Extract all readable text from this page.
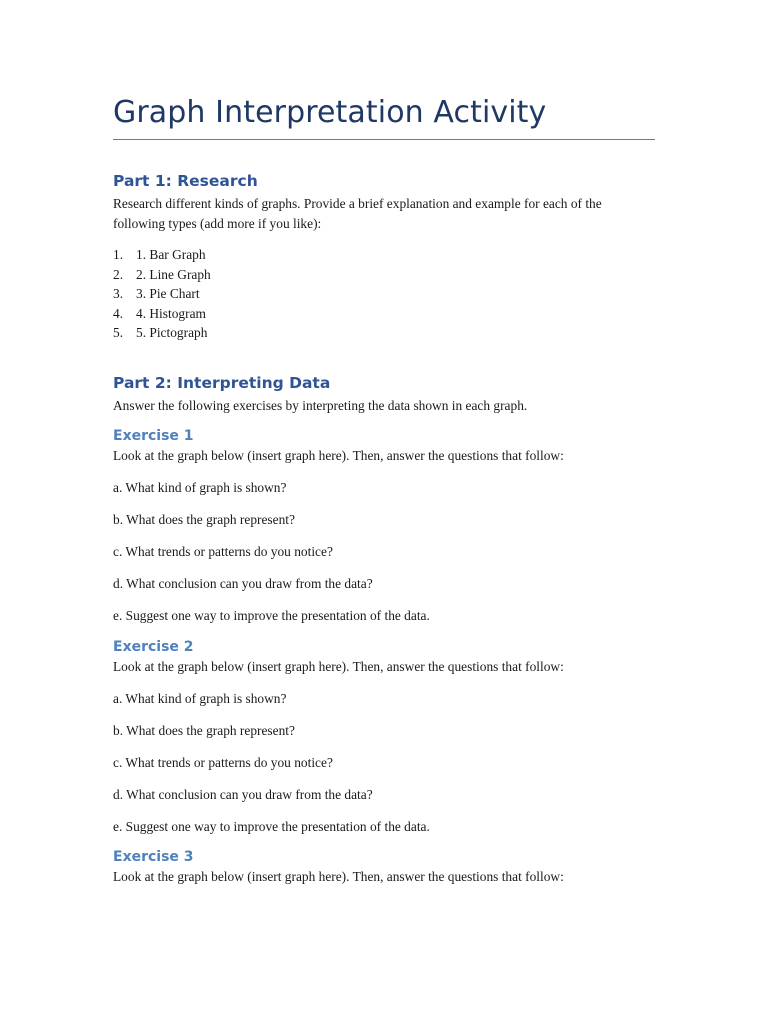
Graph Interpretation Activity
Part 1: Research

Research different kinds of graphs. Provide a brief explanation and example for each of the following types (add more if you like):

1. 1. Bar Graph
2. 2. Line Graph
3. 3. Pie Chart
4. 4. Histogram
5. 5. Pictograph
Part 2: Interpreting Data

Answer the following exercises by interpreting the data shown in each graph.

Exercise 1

Look at the graph below (insert graph here). Then, answer the questions that follow:

a. What kind of graph is shown?

b. What does the graph represent?

c. What trends or patterns do you notice?

d. What conclusion can you draw from the data?

e. Suggest one way to improve the presentation of the data.

Exercise 2

Look at the graph below (insert graph here). Then, answer the questions that follow:

a. What kind of graph is shown?

b. What does the graph represent?

c. What trends or patterns do you notice?

d. What conclusion can you draw from the data?

e. Suggest one way to improve the presentation of the data.

Exercise 3

Look at the graph below (insert graph here). Then, answer the questions that follow:
